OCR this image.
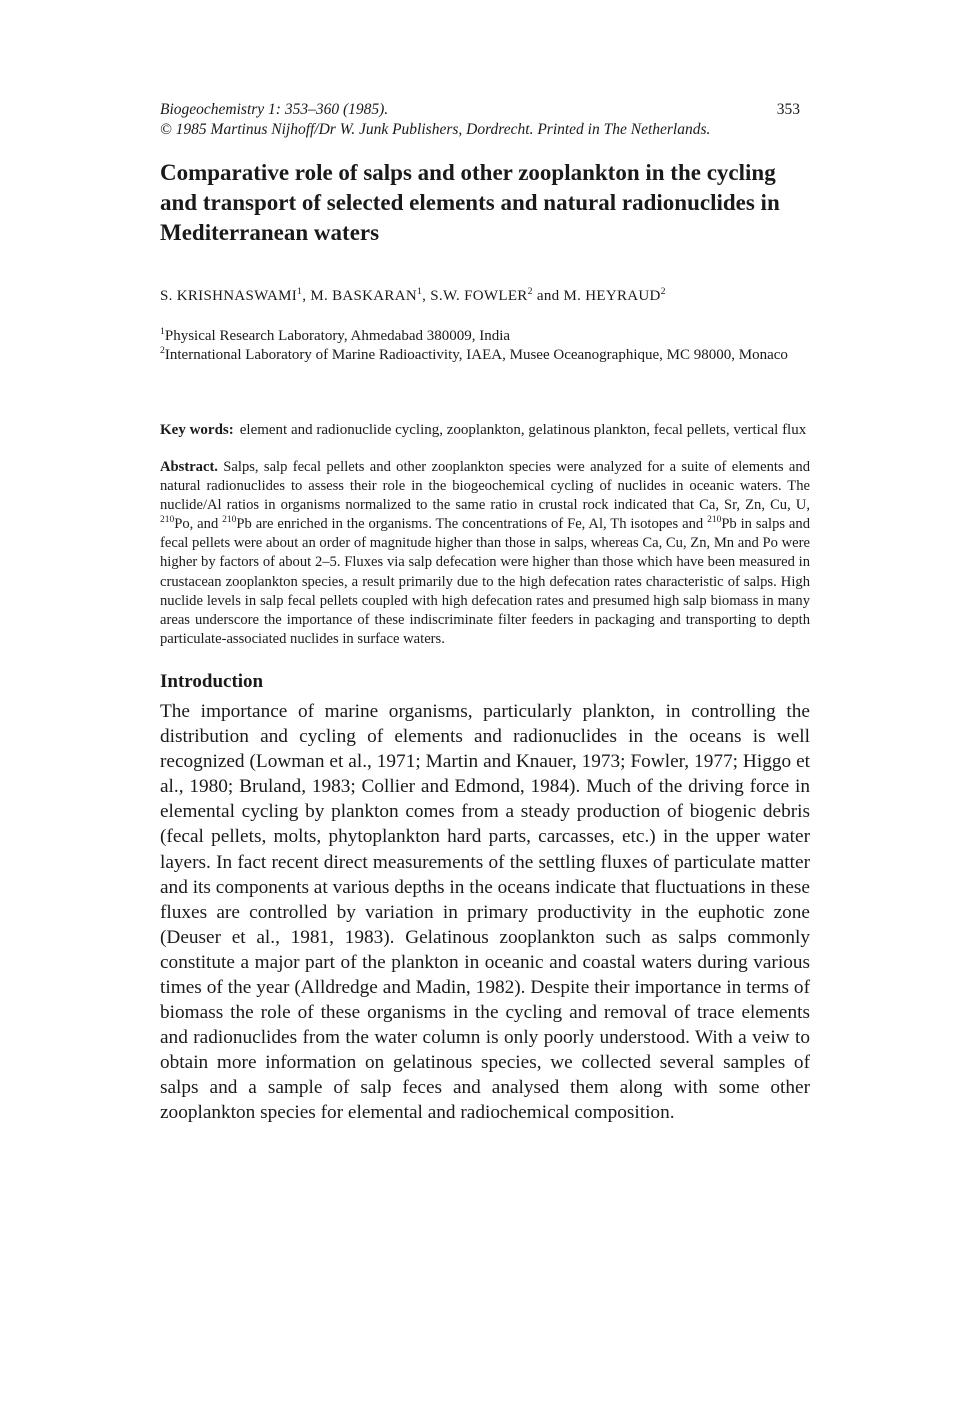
Biogeochemistry 1: 353–360 (1985).	353
© 1985 Martinus Nijhoff/Dr W. Junk Publishers, Dordrecht. Printed in The Netherlands.
Comparative role of salps and other zooplankton in the cycling and transport of selected elements and natural radionuclides in Mediterranean waters
S. KRISHNASWAMI$^1$, M. BASKARAN$^1$, S.W. FOWLER$^2$ and M. HEYRAUD$^2$
$^1$Physical Research Laboratory, Ahmedabad 380009, India
$^2$International Laboratory of Marine Radioactivity, IAEA, Musee Oceanographique, MC 98000, Monaco
Key words: element and radionuclide cycling, zooplankton, gelatinous plankton, fecal pellets, vertical flux
Abstract. Salps, salp fecal pellets and other zooplankton species were analyzed for a suite of elements and natural radionuclides to assess their role in the biogeochemical cycling of nuclides in oceanic waters. The nuclide/Al ratios in organisms normalized to the same ratio in crustal rock indicated that Ca, Sr, Zn, Cu, U, $^{210}$Po, and $^{210}$Pb are enriched in the organisms. The concentrations of Fe, Al, Th isotopes and $^{210}$Pb in salps and fecal pellets were about an order of magnitude higher than those in salps, whereas Ca, Cu, Zn, Mn and Po were higher by factors of about 2–5. Fluxes via salp defecation were higher than those which have been measured in crustacean zooplankton species, a result primarily due to the high defecation rates characteristic of salps. High nuclide levels in salp fecal pellets coupled with high defecation rates and presumed high salp biomass in many areas underscore the importance of these indiscriminate filter feeders in packaging and transporting to depth particulate-associated nuclides in surface waters.
Introduction
The importance of marine organisms, particularly plankton, in controlling the distribution and cycling of elements and radionuclides in the oceans is well recognized (Lowman et al., 1971; Martin and Knauer, 1973; Fowler, 1977; Higgo et al., 1980; Bruland, 1983; Collier and Edmond, 1984). Much of the driving force in elemental cycling by plankton comes from a steady production of biogenic debris (fecal pellets, molts, phytoplankton hard parts, carcasses, etc.) in the upper water layers. In fact recent direct measurements of the settling fluxes of particulate matter and its components at various depths in the oceans indicate that fluctuations in these fluxes are controlled by variation in primary productivity in the euphotic zone (Deuser et al., 1981, 1983). Gelatinous zooplankton such as salps commonly constitute a major part of the plankton in oceanic and coastal waters during various times of the year (Alldredge and Madin, 1982). Despite their importance in terms of biomass the role of these organisms in the cycling and removal of trace elements and radionuclides from the water column is only poorly understood. With a veiw to obtain more information on gelatinous species, we collected several samples of salps and a sample of salp feces and analysed them along with some other zooplankton species for elemental and radiochemical composition.
